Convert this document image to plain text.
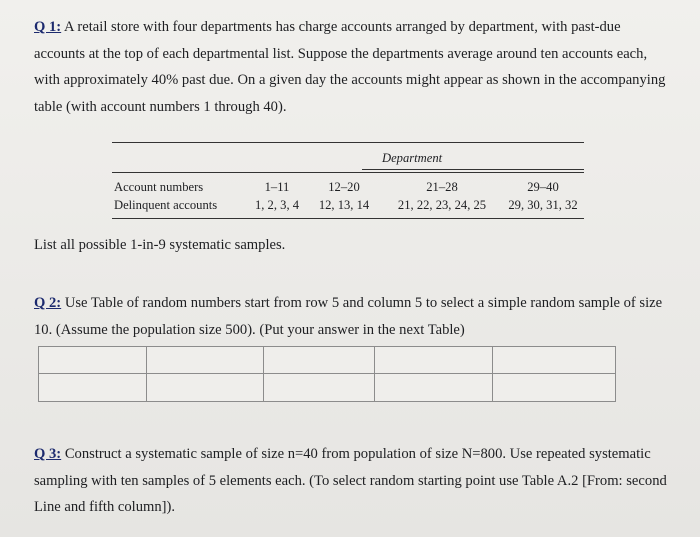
Q 1: A retail store with four departments has charge accounts arranged by department, with past-due accounts at the top of each departmental list. Suppose the departments average around ten accounts each, with approximately 40% past due. On a given day the accounts might appear as shown in the accompanying table (with account numbers 1 through 40).
Department
Account numbers	1–11	12–20	21–28	29–40
Delinquent accounts	1, 2, 3, 4	12, 13, 14	21, 22, 23, 24, 25	29, 30, 31, 32
List all possible 1-in-9 systematic samples.
Q 2: Use Table of random numbers start from row 5 and column 5 to select a simple random sample of size 10. (Assume the population size 500). (Put your answer in the next Table)
Q 3: Construct a systematic sample of size n=40 from population of size N=800. Use repeated systematic sampling with ten samples of 5 elements each. (To select random starting point use Table A.2 [From: second Line and fifth column]).
